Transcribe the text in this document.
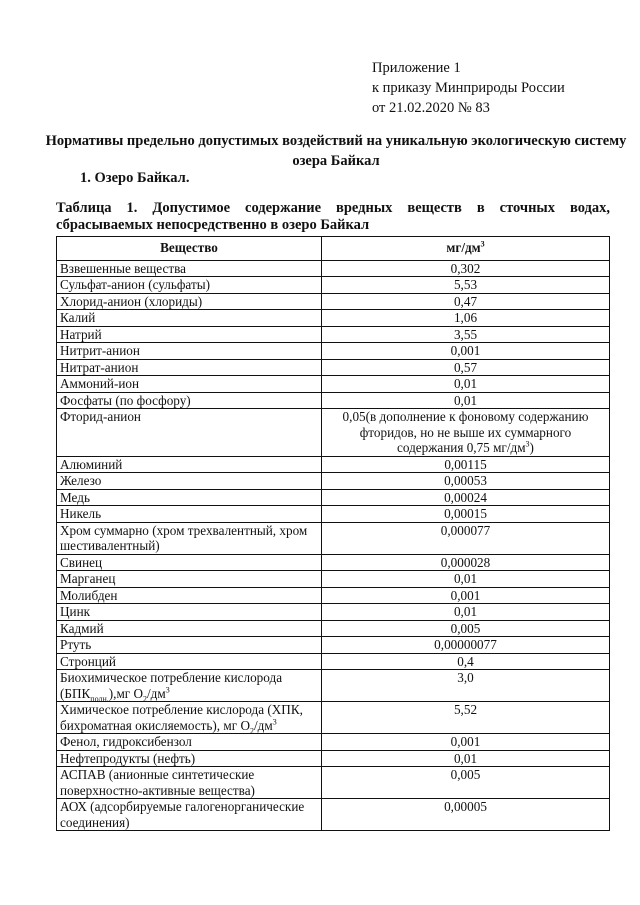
Приложение 1
к приказу Минприроды России
от 21.02.2020 № 83
Нормативы предельно допустимых воздействий на уникальную экологическую систему озера Байкал
1. Озеро Байкал.
Таблица 1. Допустимое содержание вредных веществ в сточных водах, сбрасываемых непосредственно в озеро Байкал
Вещество	$мг/дм^3$
Взвешенные вещества	0,302
Сульфат-анион (сульфаты)	5,53
Хлорид-анион (хлориды)	0,47
Калий	1,06
Натрий	3,55
Нитрит-анион	0,001
Нитрат-анион	0,57
Аммоний-ион	0,01
Фосфаты (по фосфору)	0,01
Фторид-анион	0,05(в дополнение к фоновому содержанию фторидов, но не выше их суммарного содержания 0,75 $мг/дм^3$)
Алюминий	0,00115
Железо	0,00053
Медь	0,00024
Никель	0,00015
Хром суммарно (хром трехвалентный, хром шестивалентный)	0,000077
Свинец	0,000028
Марганец	0,01
Молибден	0,001
Цинк	0,01
Кадмий	0,005
Ртуть	0,00000077
Стронций	0,4
Биохимическое потребление кислорода
$(БПК_{полн.}),мг$ $О_2/дм^3$	3,0
Химическое потребление кислорода (ХПК,
бихроматная окисляемость), мг $О_2/дм^3$	5,52
Фенол, гидроксибензол	0,001
Нефтепродукты (нефть)	0,01
АСПАВ (анионные синтетические поверхностно-активные вещества)	0,005
АОХ (адсорбируемые галогенорганические соединения)	0,00005
